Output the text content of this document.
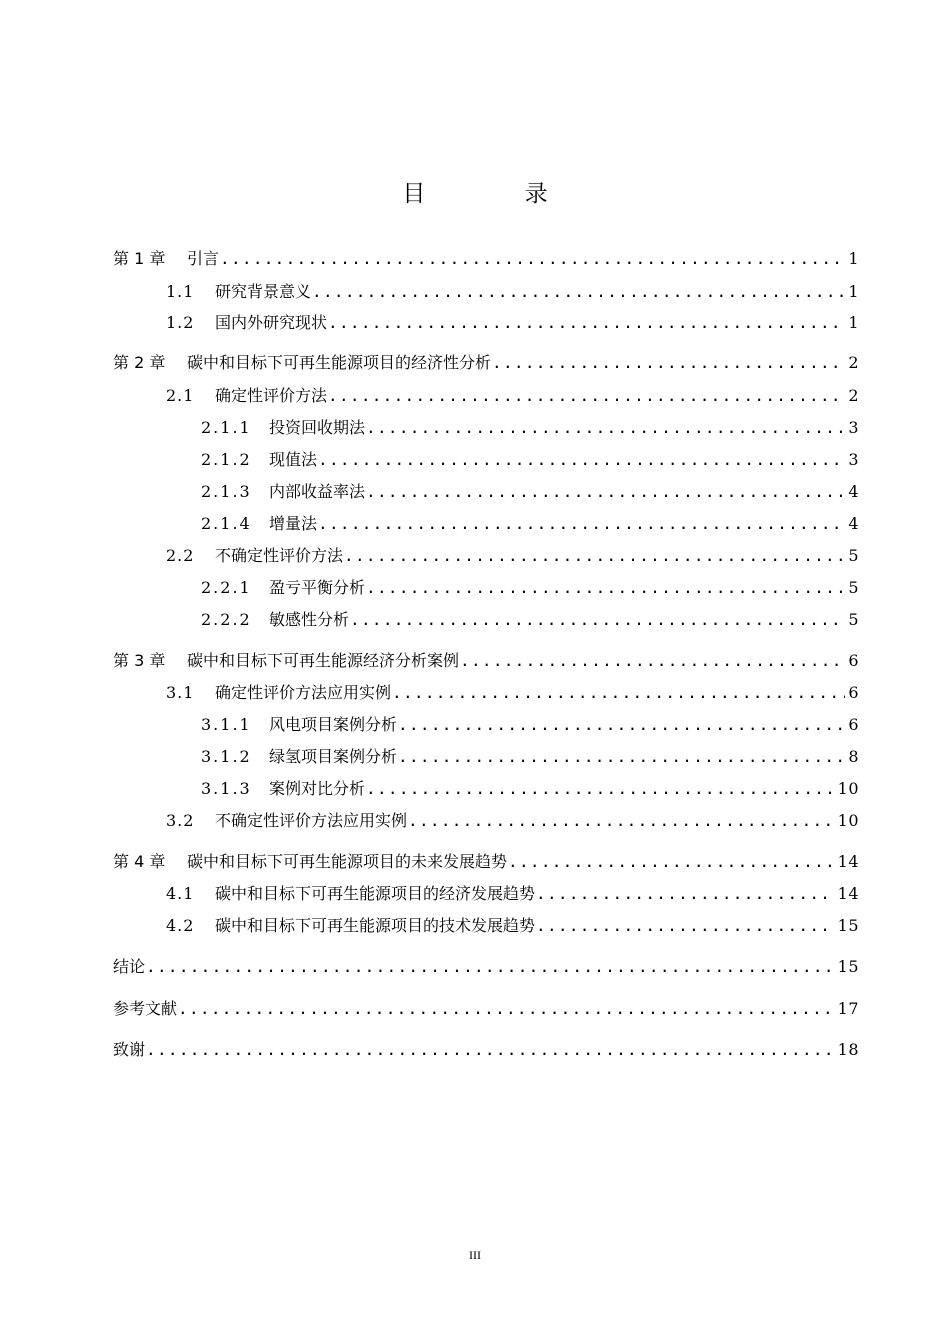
目 录
第 1 章	引言 .....	1
1.1	研究背景意义 .....	1
1.2	国内外研究现状 .....	1
第 2 章	碳中和目标下可再生能源项目的经济性分析 .....	2
2.1	确定性评价方法 .....	2
2.1.1	投资回收期法 .....	3
2.1.2	现值法 .....	3
2.1.3	内部收益率法 .....	4
2.1.4	增量法 .....	4
2.2	不确定性评价方法 .....	5
2.2.1	盈亏平衡分析 .....	5
2.2.2	敏感性分析 .....	5
第 3 章	碳中和目标下可再生能源经济分析案例 .....	6
3.1	确定性评价方法应用实例 .....	6
3.1.1	风电项目案例分析 .....	6
3.1.2	绿氢项目案例分析 .....	8
3.1.3	案例对比分析 .....	10
3.2	不确定性评价方法应用实例 .....	10
第 4 章	碳中和目标下可再生能源项目的未来发展趋势 .....	14
4.1	碳中和目标下可再生能源项目的经济发展趋势 .....	14
4.2	碳中和目标下可再生能源项目的技术发展趋势 .....	15
结论 .....	15
参考文献 .....	17
致谢 .....	18
III
